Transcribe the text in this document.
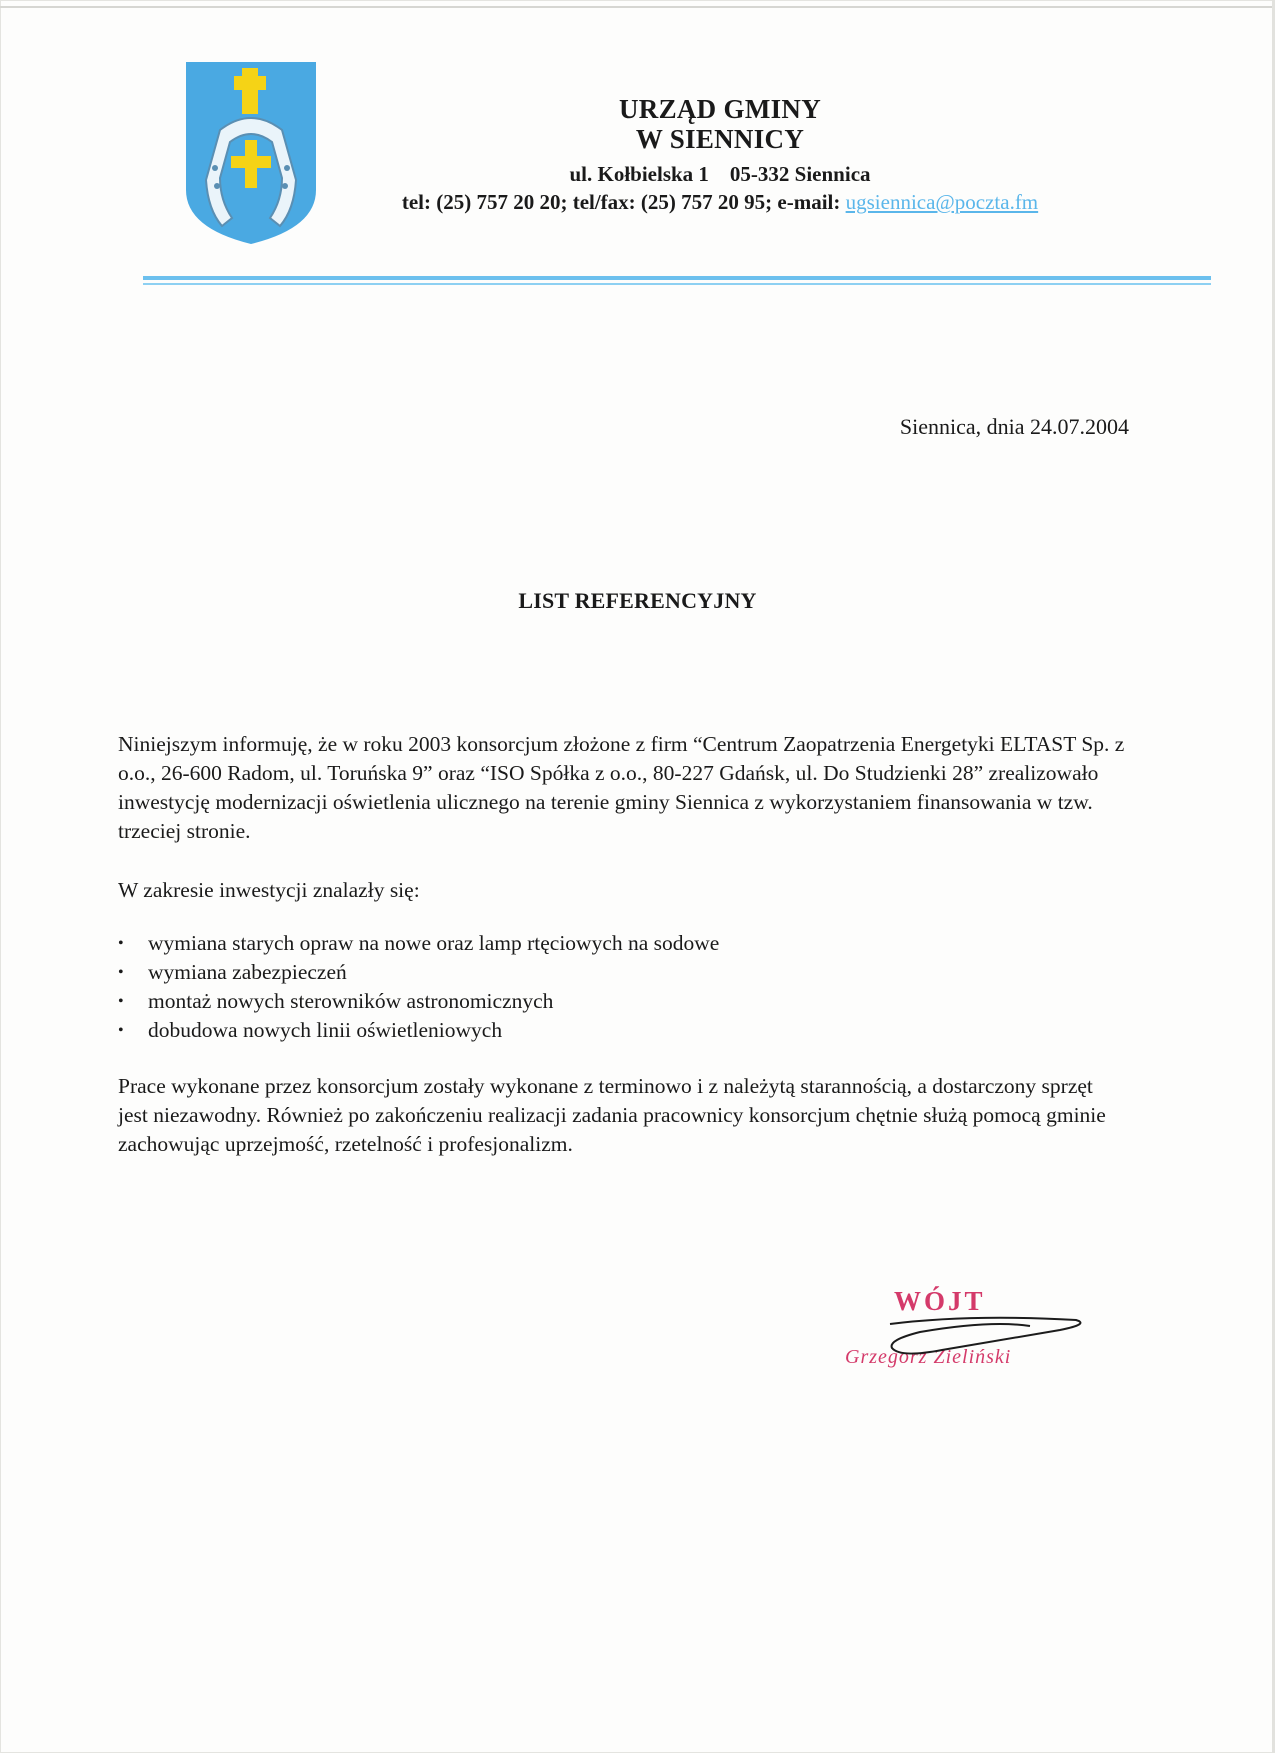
URZĄD GMINY
W SIENNICY
ul. Kołbielska 1    05-332 Siennica
tel: (25) 757 20 20; tel/fax: (25) 757 20 95; e-mail: ugsiennica@poczta.fm
Siennica, dnia 24.07.2004
LIST REFERENCYJNY
Niniejszym informuję, że w roku 2003 konsorcjum złożone z firm “Centrum Zaopatrzenia Energetyki ELTAST Sp. z o.o., 26-600 Radom, ul. Toruńska 9” oraz “ISO Spółka z o.o., 80-227 Gdańsk, ul. Do Studzienki 28” zrealizowało inwestycję modernizacji oświetlenia ulicznego na terenie gminy Siennica z wykorzystaniem finansowania w tzw. trzeciej stronie.
W zakresie inwestycji znalazły się:
• wymiana starych opraw na nowe oraz lamp rtęciowych na sodowe
• wymiana zabezpieczeń
• montaż nowych sterowników astronomicznych
• dobudowa nowych linii oświetleniowych
Prace wykonane przez konsorcjum zostały wykonane z terminowo i z należytą starannością, a dostarczony sprzęt jest niezawodny. Również po zakończeniu realizacji zadania pracownicy konsorcjum chętnie służą pomocą gminie zachowując uprzejmość, rzetelność i profesjonalizm.
WÓJT
Grzegorz Zieliński
